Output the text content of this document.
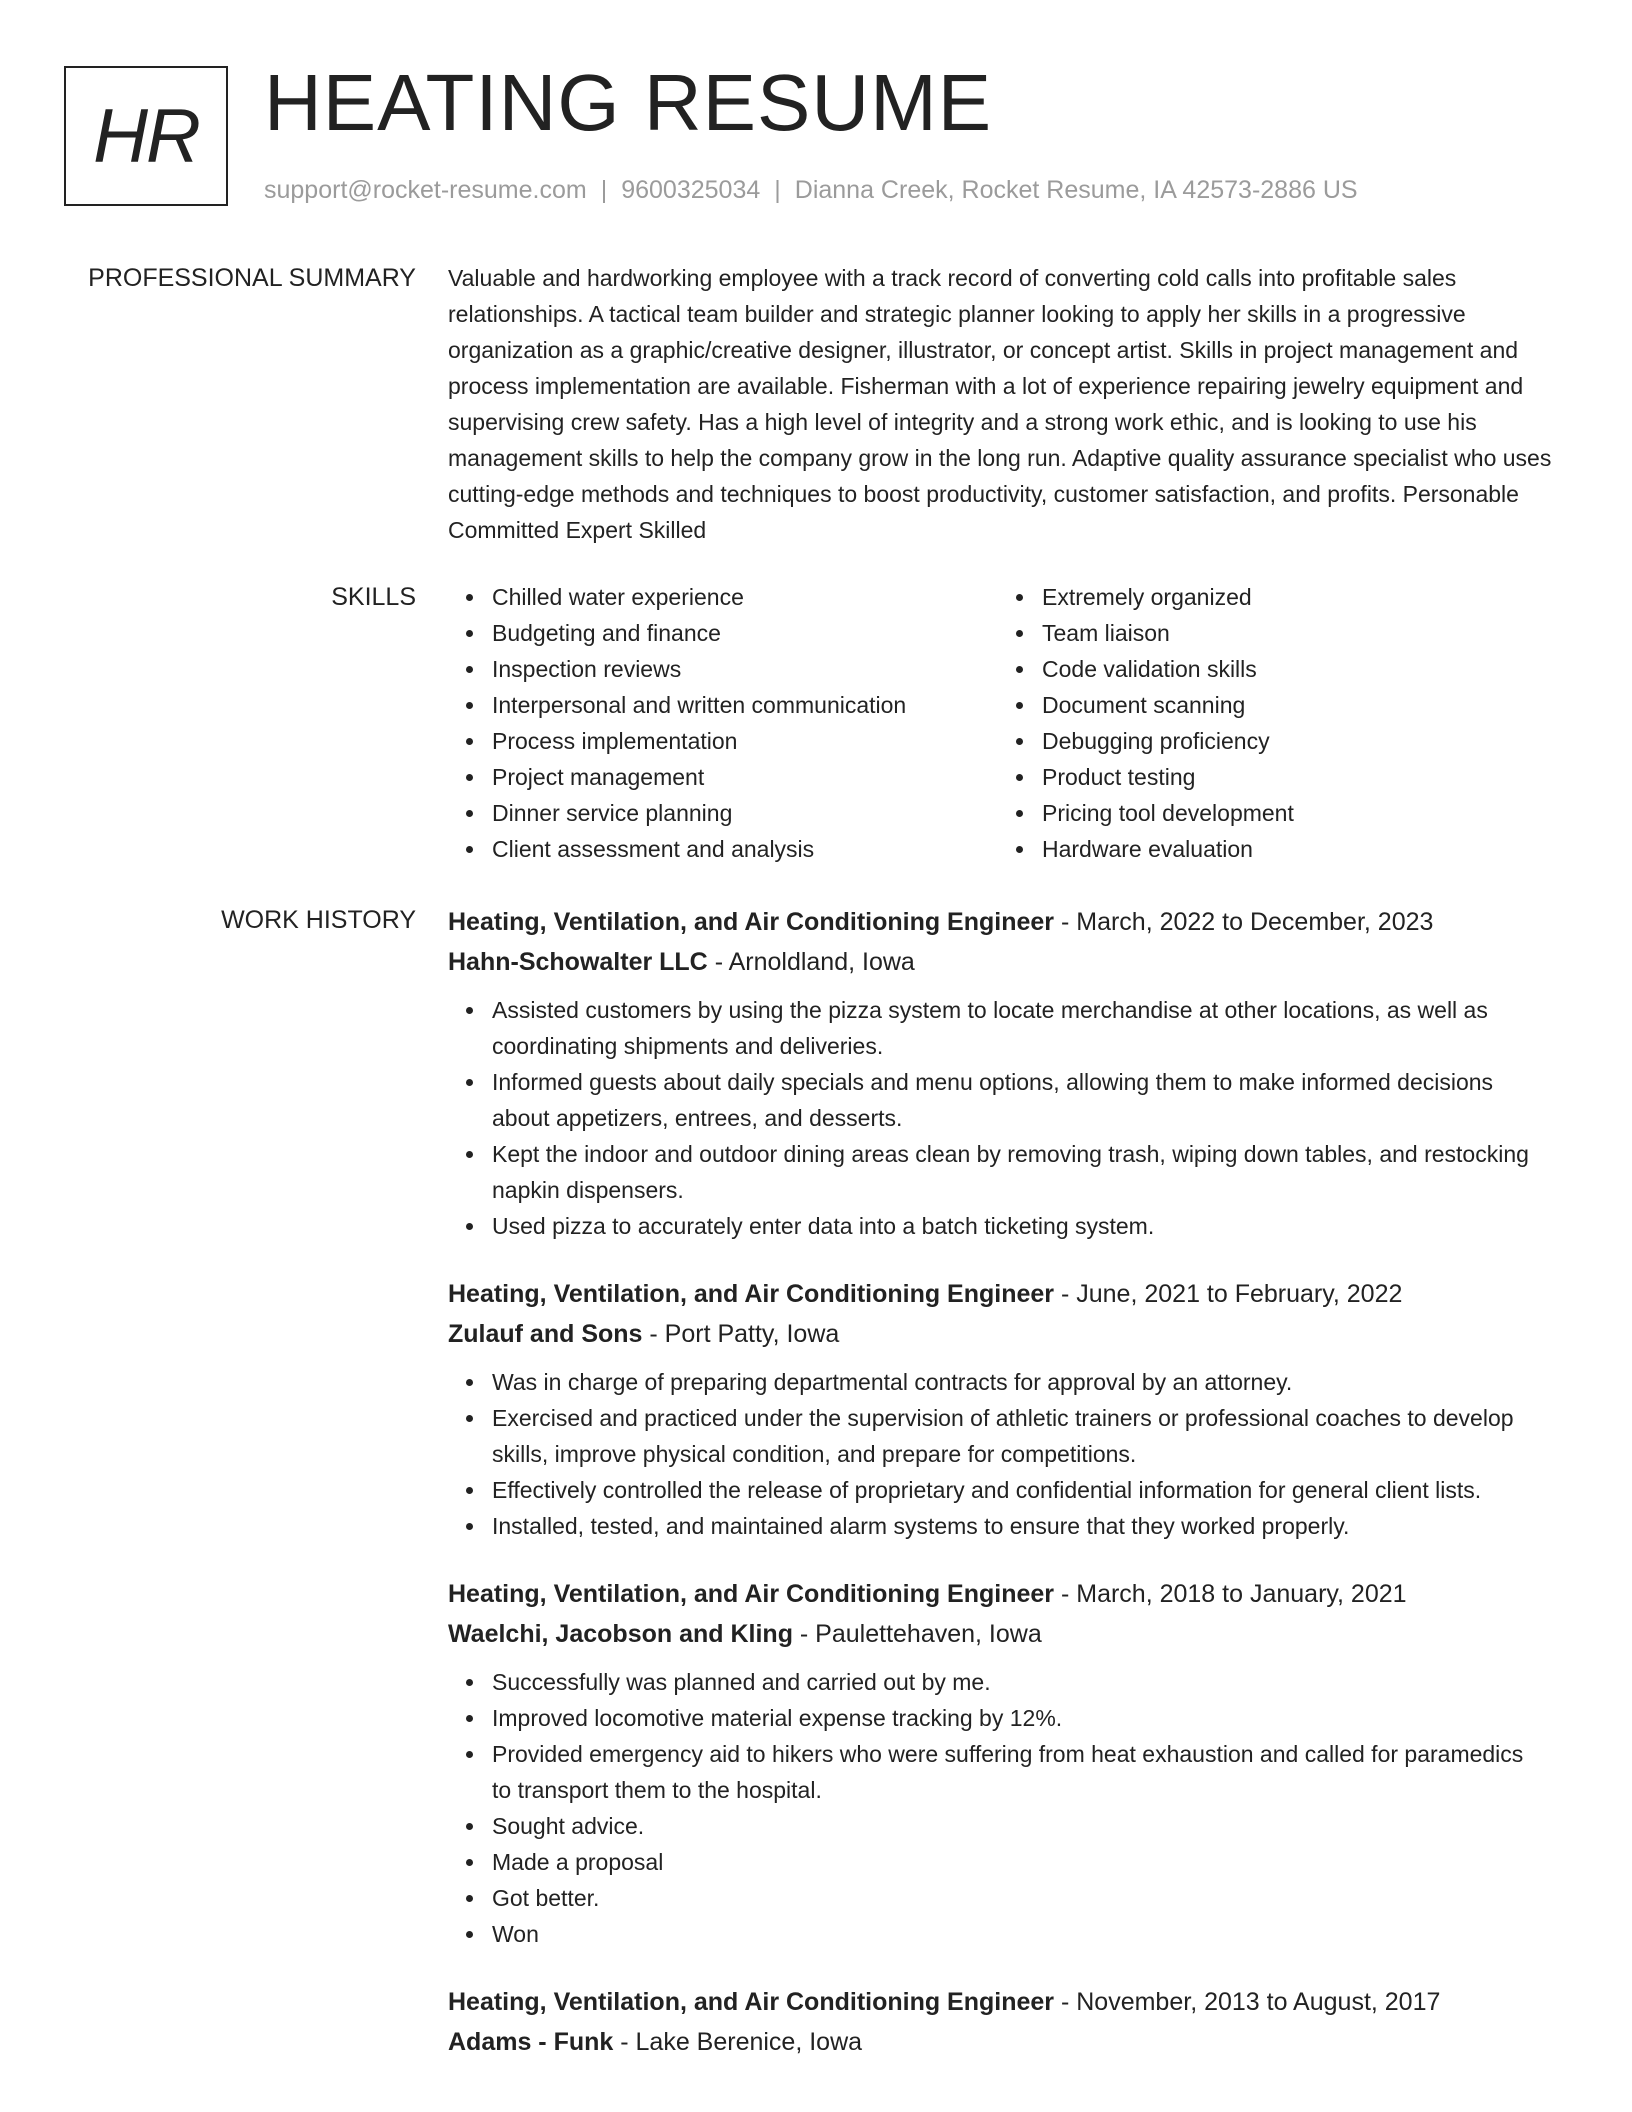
HR HEATING RESUME
support@rocket-resume.com | 9600325034 | Dianna Creek, Rocket Resume, IA 42573-2886 US
PROFESSIONAL SUMMARY Valuable and hardworking employee with a track record of converting cold calls into profitable sales relationships. A tactical team builder and strategic planner looking to apply her skills in a progressive organization as a graphic/creative designer, illustrator, or concept artist. Skills in project management and process implementation are available. Fisherman with a lot of experience repairing jewelry equipment and supervising crew safety. Has a high level of integrity and a strong work ethic, and is looking to use his management skills to help the company grow in the long run. Adaptive quality assurance specialist who uses cutting-edge methods and techniques to boost productivity, customer satisfaction, and profits. Personable Committed Expert Skilled

SKILLS	Chilled water experience
Budgeting and finance
Inspection reviews
Interpersonal and written communication
Process implementation
Project management
Dinner service planning
Client assessment and analysis
Extremely organized
Team liaison
Code validation skills
Document scanning
Debugging proficiency
Product testing
Pricing tool development
Hardware evaluation
WORK HISTORY Heating, Ventilation, and Air Conditioning Engineer - March, 2022 to December, 2023
Hahn-Schowalter LLC - Arnoldland, Iowa
Assisted customers by using the pizza system to locate merchandise at other locations, as well as coordinating shipments and deliveries.
Informed guests about daily specials and menu options, allowing them to make informed decisions about appetizers, entrees, and desserts.
Kept the indoor and outdoor dining areas clean by removing trash, wiping down tables, and restocking napkin dispensers.
Used pizza to accurately enter data into a batch ticketing system.
Heating, Ventilation, and Air Conditioning Engineer - June, 2021 to February, 2022
Zulauf and Sons - Port Patty, Iowa
Was in charge of preparing departmental contracts for approval by an attorney.
Exercised and practiced under the supervision of athletic trainers or professional coaches to develop skills, improve physical condition, and prepare for competitions.
Effectively controlled the release of proprietary and confidential information for general client lists.
Installed, tested, and maintained alarm systems to ensure that they worked properly.
Heating, Ventilation, and Air Conditioning Engineer - March, 2018 to January, 2021
Waelchi, Jacobson and Kling - Paulettehaven, Iowa
Successfully was planned and carried out by me.
Improved locomotive material expense tracking by 12%.
Provided emergency aid to hikers who were suffering from heat exhaustion and called for paramedics to transport them to the hospital.
Sought advice.
Made a proposal
Got better.
Won
Heating, Ventilation, and Air Conditioning Engineer - November, 2013 to August, 2017
Adams - Funk - Lake Berenice, Iowa
